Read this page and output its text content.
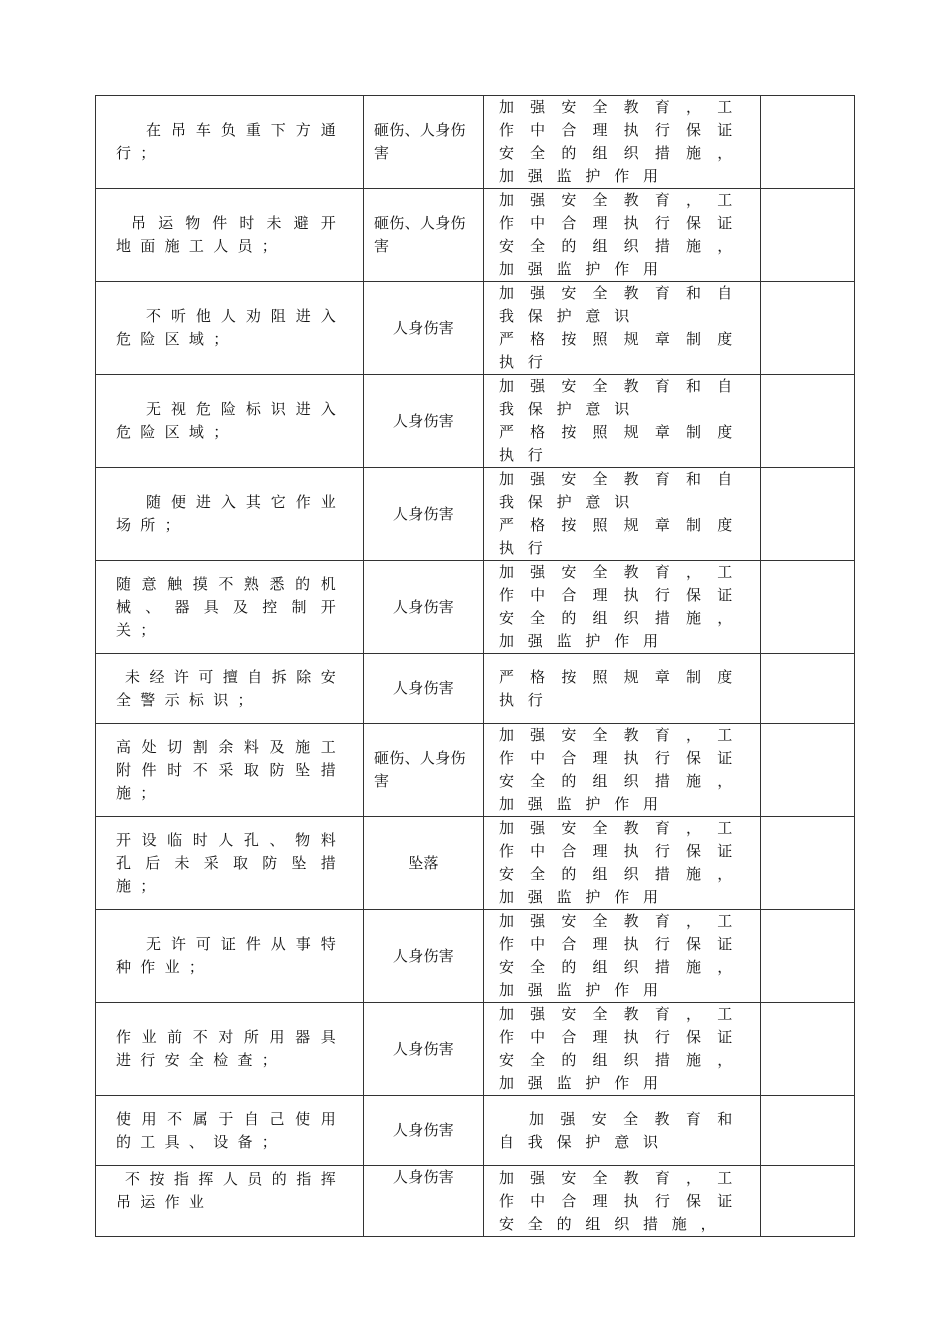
在吊车负重下方通行；	砸伤、人身伤害	加强安全教育，工作中合理执行保证安全的组织措施，加强监护作用	

吊运物件时未避开地面施工人员；	砸伤、人身伤害	加强安全教育，工作中合理执行保证安全的组织措施，加强监护作用	

不听他人劝阻进入危险区域；	人身伤害	加强安全教育和自我保护意识
严格按照规章制度执行	

无视危险标识进入危险区域；	人身伤害	加强安全教育和自我保护意识
严格按照规章制度执行	

随便进入其它作业场所；	人身伤害	加强安全教育和自我保护意识
严格按照规章制度执行	

随意触摸不熟悉的机械、器具及控制开关；	人身伤害	加强安全教育，工作中合理执行保证安全的组织措施，加强监护作用	

未经许可擅自拆除安全警示标识；	人身伤害	严格按照规章制度执行	

高处切割余料及施工附件时不采取防坠措施；	砸伤、人身伤害	加强安全教育，工作中合理执行保证安全的组织措施，加强监护作用	

开设临时人孔、物料孔后未采取防坠措施；	坠落	加强安全教育，工作中合理执行保证安全的组织措施，加强监护作用	

无许可证件从事特种作业；	人身伤害	加强安全教育，工作中合理执行保证安全的组织措施，加强监护作用	

作业前不对所用器具进行安全检查；	人身伤害	加强安全教育，工作中合理执行保证安全的组织措施，加强监护作用	

使用不属于自己使用的工具、设备；	人身伤害	加强安全教育和自我保护意识	

不按指挥人员的指挥吊运作业	人身伤害	加强安全教育，工作中合理执行保证安全的组织措施，	
